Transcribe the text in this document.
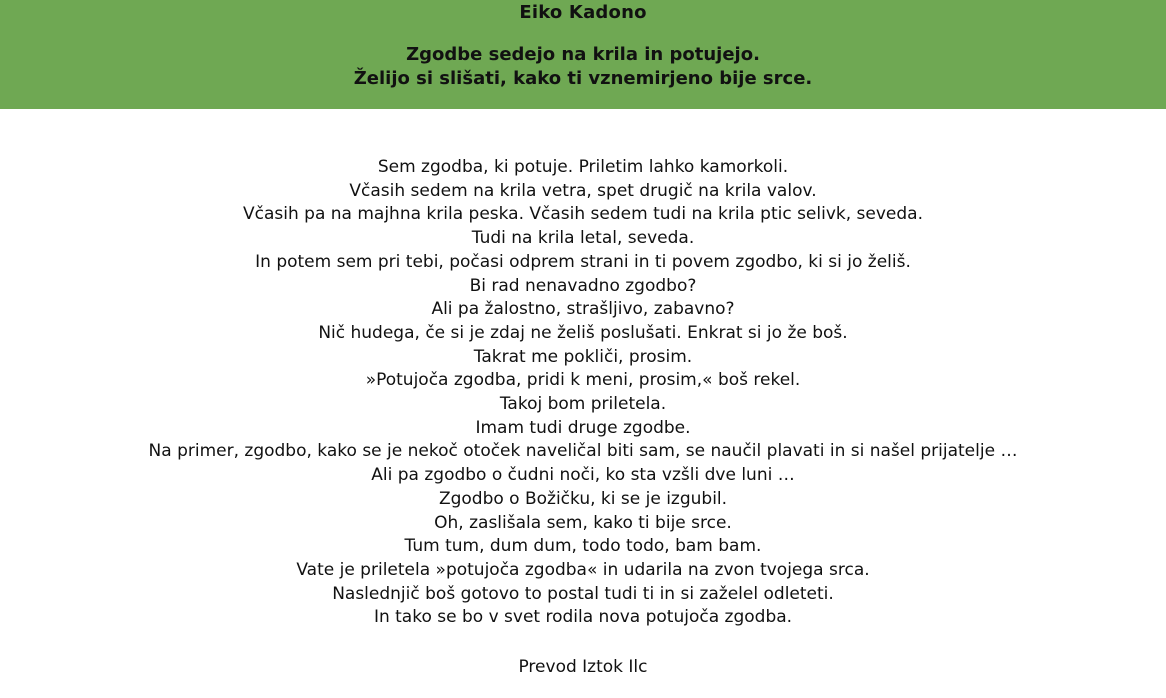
Eiko Kadono
Zgodbe sedejo na krila in potujejo.
Želijo si slišati, kako ti vznemirjeno bije srce.
Sem zgodba, ki potuje. Priletim lahko kamorkoli.
Včasih sedem na krila vetra, spet drugič na krila valov.
Včasih pa na majhna krila peska. Včasih sedem tudi na krila ptic selivk, seveda.
Tudi na krila letal, seveda.
In potem sem pri tebi, počasi odprem strani in ti povem zgodbo, ki si jo želiš.
Bi rad nenavadno zgodbo?
Ali pa žalostno, strašljivo, zabavno?
Nič hudega, če si je zdaj ne želiš poslušati. Enkrat si jo že boš.
Takrat me pokliči, prosim.
»Potujoča zgodba, pridi k meni, prosim,« boš rekel.
Takoj bom priletela.
Imam tudi druge zgodbe.
Na primer, zgodbo, kako se je nekoč otoček naveličal biti sam, se naučil plavati in si našel prijatelje …
Ali pa zgodbo o čudni noči, ko sta vzšli dve luni …
Zgodbo o Božičku, ki se je izgubil.
Oh, zaslišala sem, kako ti bije srce.
Tum tum, dum dum, todo todo, bam bam.
Vate je priletela »potujoča zgodba« in udarila na zvon tvojega srca.
Naslednjič boš gotovo to postal tudi ti in si zaželel odleteti.
In tako se bo v svet rodila nova potujoča zgodba.
Prevod Iztok Ilc
